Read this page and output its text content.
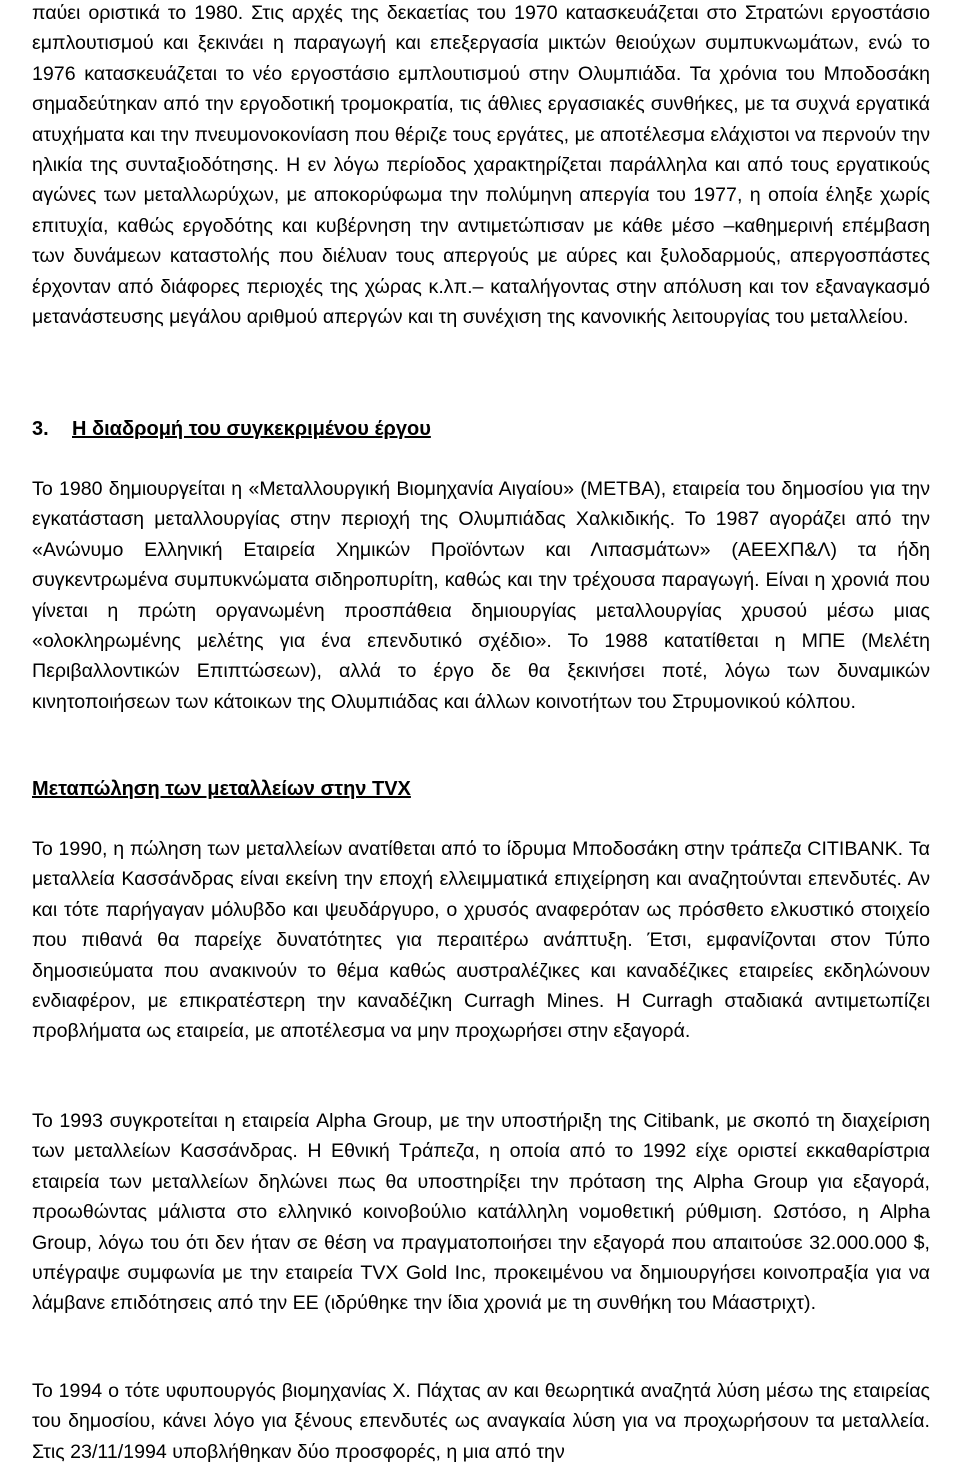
παύει οριστικά το 1980. Στις αρχές της δεκαετίας του 1970 κατασκευάζεται στο Στρατώνι εργοστάσιο εμπλουτισμού και ξεκινάει η παραγωγή και επεξεργασία μικτών θειούχων συμπυκνωμάτων, ενώ το 1976 κατασκευάζεται το νέο εργοστάσιο εμπλουτισμού στην Ολυμπιάδα. Τα χρόνια του Μποδοσάκη σημαδεύτηκαν από την εργοδοτική τρομοκρατία, τις άθλιες εργασιακές συνθήκες, με τα συχνά εργατικά ατυχήματα και την πνευμονοκονίαση που θέριζε τους εργάτες, με αποτέλεσμα ελάχιστοι να περνούν την ηλικία της συνταξιοδότησης. Η εν λόγω περίοδος χαρακτηρίζεται παράλληλα και από τους εργατικούς αγώνες των μεταλλωρύχων, με αποκορύφωμα την πολύμηνη απεργία του 1977, η οποία έληξε χωρίς επιτυχία, καθώς εργοδότης και κυβέρνηση την αντιμετώπισαν με κάθε μέσο –καθημερινή επέμβαση των δυνάμεων καταστολής που διέλυαν τους απεργούς με αύρες και ξυλοδαρμούς, απεργοσπάστες έρχονταν από διάφορες περιοχές της χώρας κ.λπ.– καταλήγοντας στην απόλυση και τον εξαναγκασμό μετανάστευσης μεγάλου αριθμού απεργών και τη συνέχιση της κανονικής λειτουργίας του μεταλλείου.

3. Η διαδρομή του συγκεκριμένου έργου

Το 1980 δημιουργείται η «Μεταλλουργική Βιομηχανία Αιγαίου» (ΜΕΤΒΑ), εταιρεία του δημοσίου για την εγκατάσταση μεταλλουργίας στην περιοχή της Ολυμπιάδας Χαλκιδικής. Το 1987 αγοράζει από την «Ανώνυμο Ελληνική Εταιρεία Χημικών Προϊόντων και Λιπασμάτων» (ΑΕΕΧΠ&Λ) τα ήδη συγκεντρωμένα συμπυκνώματα σιδηροπυρίτη, καθώς και την τρέχουσα παραγωγή. Είναι η χρονιά που γίνεται η πρώτη οργανωμένη προσπάθεια δημιουργίας μεταλλουργίας χρυσού μέσω μιας «ολοκληρωμένης μελέτης για ένα επενδυτικό σχέδιο». Το 1988 κατατίθεται η ΜΠΕ (Μελέτη Περιβαλλοντικών Επιπτώσεων), αλλά το έργο δε θα ξεκινήσει ποτέ, λόγω των δυναμικών κινητοποιήσεων των κάτοικων της Ολυμπιάδας και άλλων κοινοτήτων του Στρυμονικού κόλπου.

Μεταπώληση των μεταλλείων στην TVX

Το 1990, η πώληση των μεταλλείων ανατίθεται από το ίδρυμα Μποδοσάκη στην τράπεζα CITIBANK. Τα μεταλλεία Κασσάνδρας είναι εκείνη την εποχή ελλειμματικά επιχείρηση και αναζητούνται επενδυτές. Αν και τότε παρήγαγαν μόλυβδο και ψευδάργυρο, ο χρυσός αναφερόταν ως πρόσθετο ελκυστικό στοιχείο που πιθανά θα παρείχε δυνατότητες για περαιτέρω ανάπτυξη. Έτσι, εμφανίζονται στον Τύπο δημοσιεύματα που ανακινούν το θέμα καθώς αυστραλέζικες και καναδέζικες εταιρείες εκδηλώνουν ενδιαφέρον, με επικρατέστερη την καναδέζικη Curragh Mines. Η Curragh σταδιακά αντιμετωπίζει προβλήματα ως εταιρεία, με αποτέλεσμα να μην προχωρήσει στην εξαγορά.

Το 1993 συγκροτείται η εταιρεία Alpha Group, με την υποστήριξη της Citibank, με σκοπό τη διαχείριση των μεταλλείων Κασσάνδρας. Η Εθνική Τράπεζα, η οποία από το 1992 είχε οριστεί εκκαθαρίστρια εταιρεία των μεταλλείων δηλώνει πως θα υποστηρίξει την πρόταση της Alpha Group για εξαγορά, προωθώντας μάλιστα στο ελληνικό κοινοβούλιο κατάλληλη νομοθετική ρύθμιση. Ωστόσο, η Alpha Group, λόγω του ότι δεν ήταν σε θέση να πραγματοποιήσει την εξαγορά που απαιτούσε 32.000.000 $, υπέγραψε συμφωνία με την εταιρεία TVX Gold Inc, προκειμένου να δημιουργήσει κοινοπραξία για να λάμβανε επιδότησεις από την ΕΕ (ιδρύθηκε την ίδια χρονιά με τη συνθήκη του Μάαστριχτ).

Το 1994 ο τότε υφυπουργός βιομηχανίας Χ. Πάχτας αν και θεωρητικά αναζητά λύση μέσω της εταιρείας του δημοσίου, κάνει λόγο για ξένους επενδυτές ως αναγκαία λύση για να προχωρήσουν τα μεταλλεία. Στις 23/11/1994 υποβλήθηκαν δύο προσφορές, η μια από την
